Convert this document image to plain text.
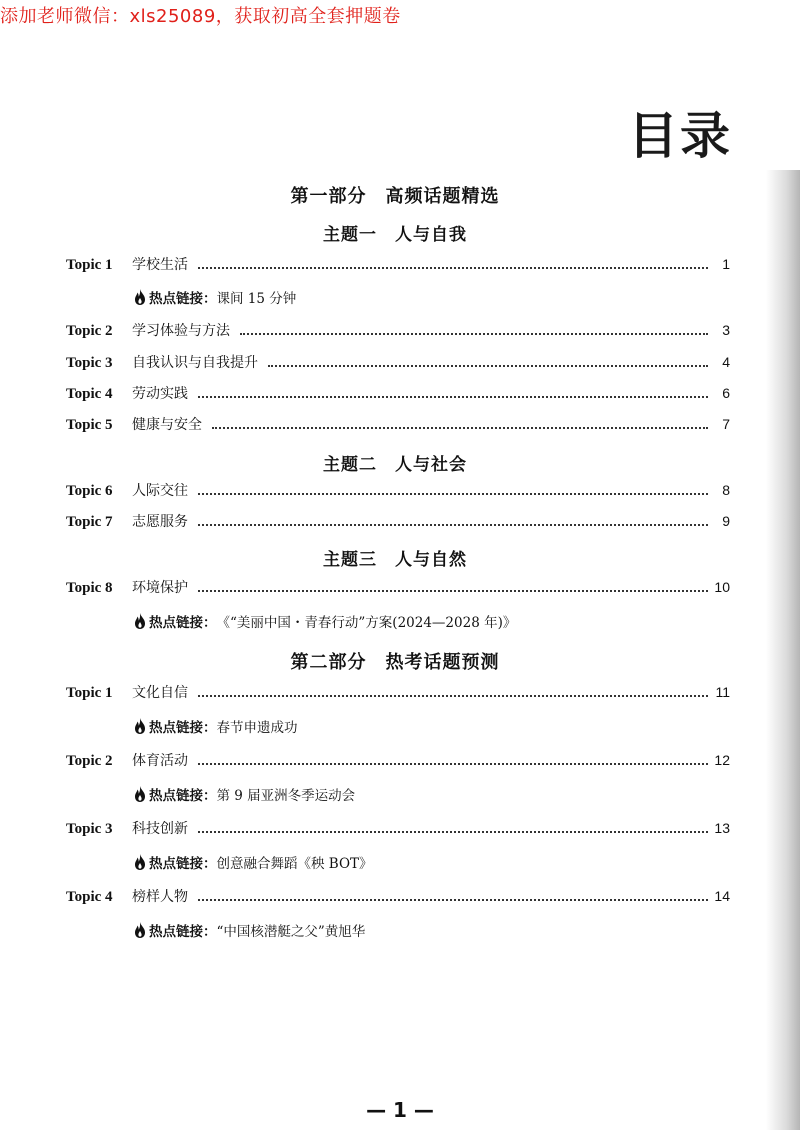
添加老师微信：xls25089，获取初高全套押题卷
目录
第一部分　高频话题精选
主题一　人与自我
Topic 1	学校生活	1
热点链接： 课间 15 分钟
Topic 2	学习体验与方法	3
Topic 3	自我认识与自我提升	4
Topic 4	劳动实践	6
Topic 5	健康与安全	7
主题二　人与社会
Topic 6	人际交往	8
Topic 7	志愿服务	9
主题三　人与自然
Topic 8	环境保护	10
热点链接： 《“美丽中国・青春行动”方案(2024—2028 年)》
第二部分　热考话题预测
Topic 1	文化自信	11
热点链接： 春节申遗成功
Topic 2	体育活动	12
热点链接： 第 9 届亚洲冬季运动会
Topic 3	科技创新	13
热点链接： 创意融合舞蹈《秧 BOT》
Topic 4	榜样人物	14
热点链接： “中国核潜艇之父”黄旭华
— 1 —
